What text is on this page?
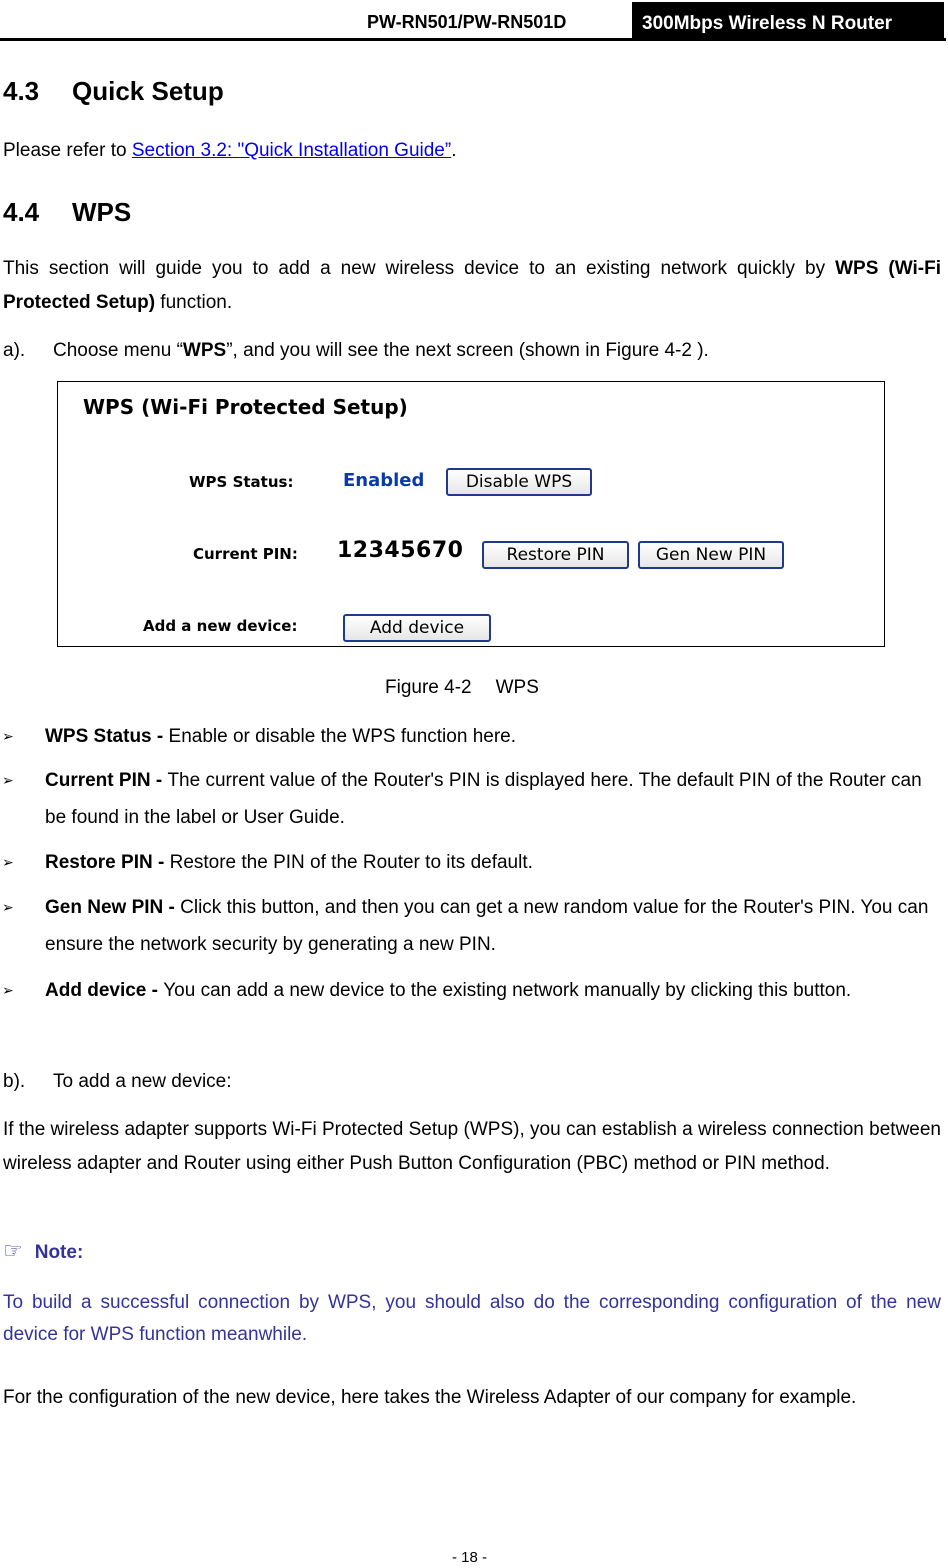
PW-RN501/PW-RN501D	300Mbps Wireless N Router
4.3 Quick Setup
Please refer to Section 3.2: "Quick Installation Guide”.
4.4 WPS
This section will guide you to add a new wireless device to an existing network quickly by WPS (Wi-Fi Protected Setup) function.
a). Choose menu “WPS”, and you will see the next screen (shown in Figure 4-2 ).
WPS (Wi-Fi Protected Setup)
WPS Status:	Enabled	Disable WPS
Current PIN: 12345670	Restore PIN	Gen New PIN
Add a new device:	Add device
Figure 4-2 WPS
➢ WPS Status - Enable or disable the WPS function here.
➢ Current PIN - The current value of the Router's PIN is displayed here. The default PIN of the Router can be found in the label or User Guide.
➢ Restore PIN - Restore the PIN of the Router to its default.
➢ Gen New PIN - Click this button, and then you can get a new random value for the Router's PIN. You can ensure the network security by generating a new PIN.
➢ Add device - You can add a new device to the existing network manually by clicking this button.
b). To add a new device:
If the wireless adapter supports Wi-Fi Protected Setup (WPS), you can establish a wireless connection between wireless adapter and Router using either Push Button Configuration (PBC) method or PIN method.
☞ Note:
To build a successful connection by WPS, you should also do the corresponding configuration of the new device for WPS function meanwhile.
For the configuration of the new device, here takes the Wireless Adapter of our company for example.
- 18 -
